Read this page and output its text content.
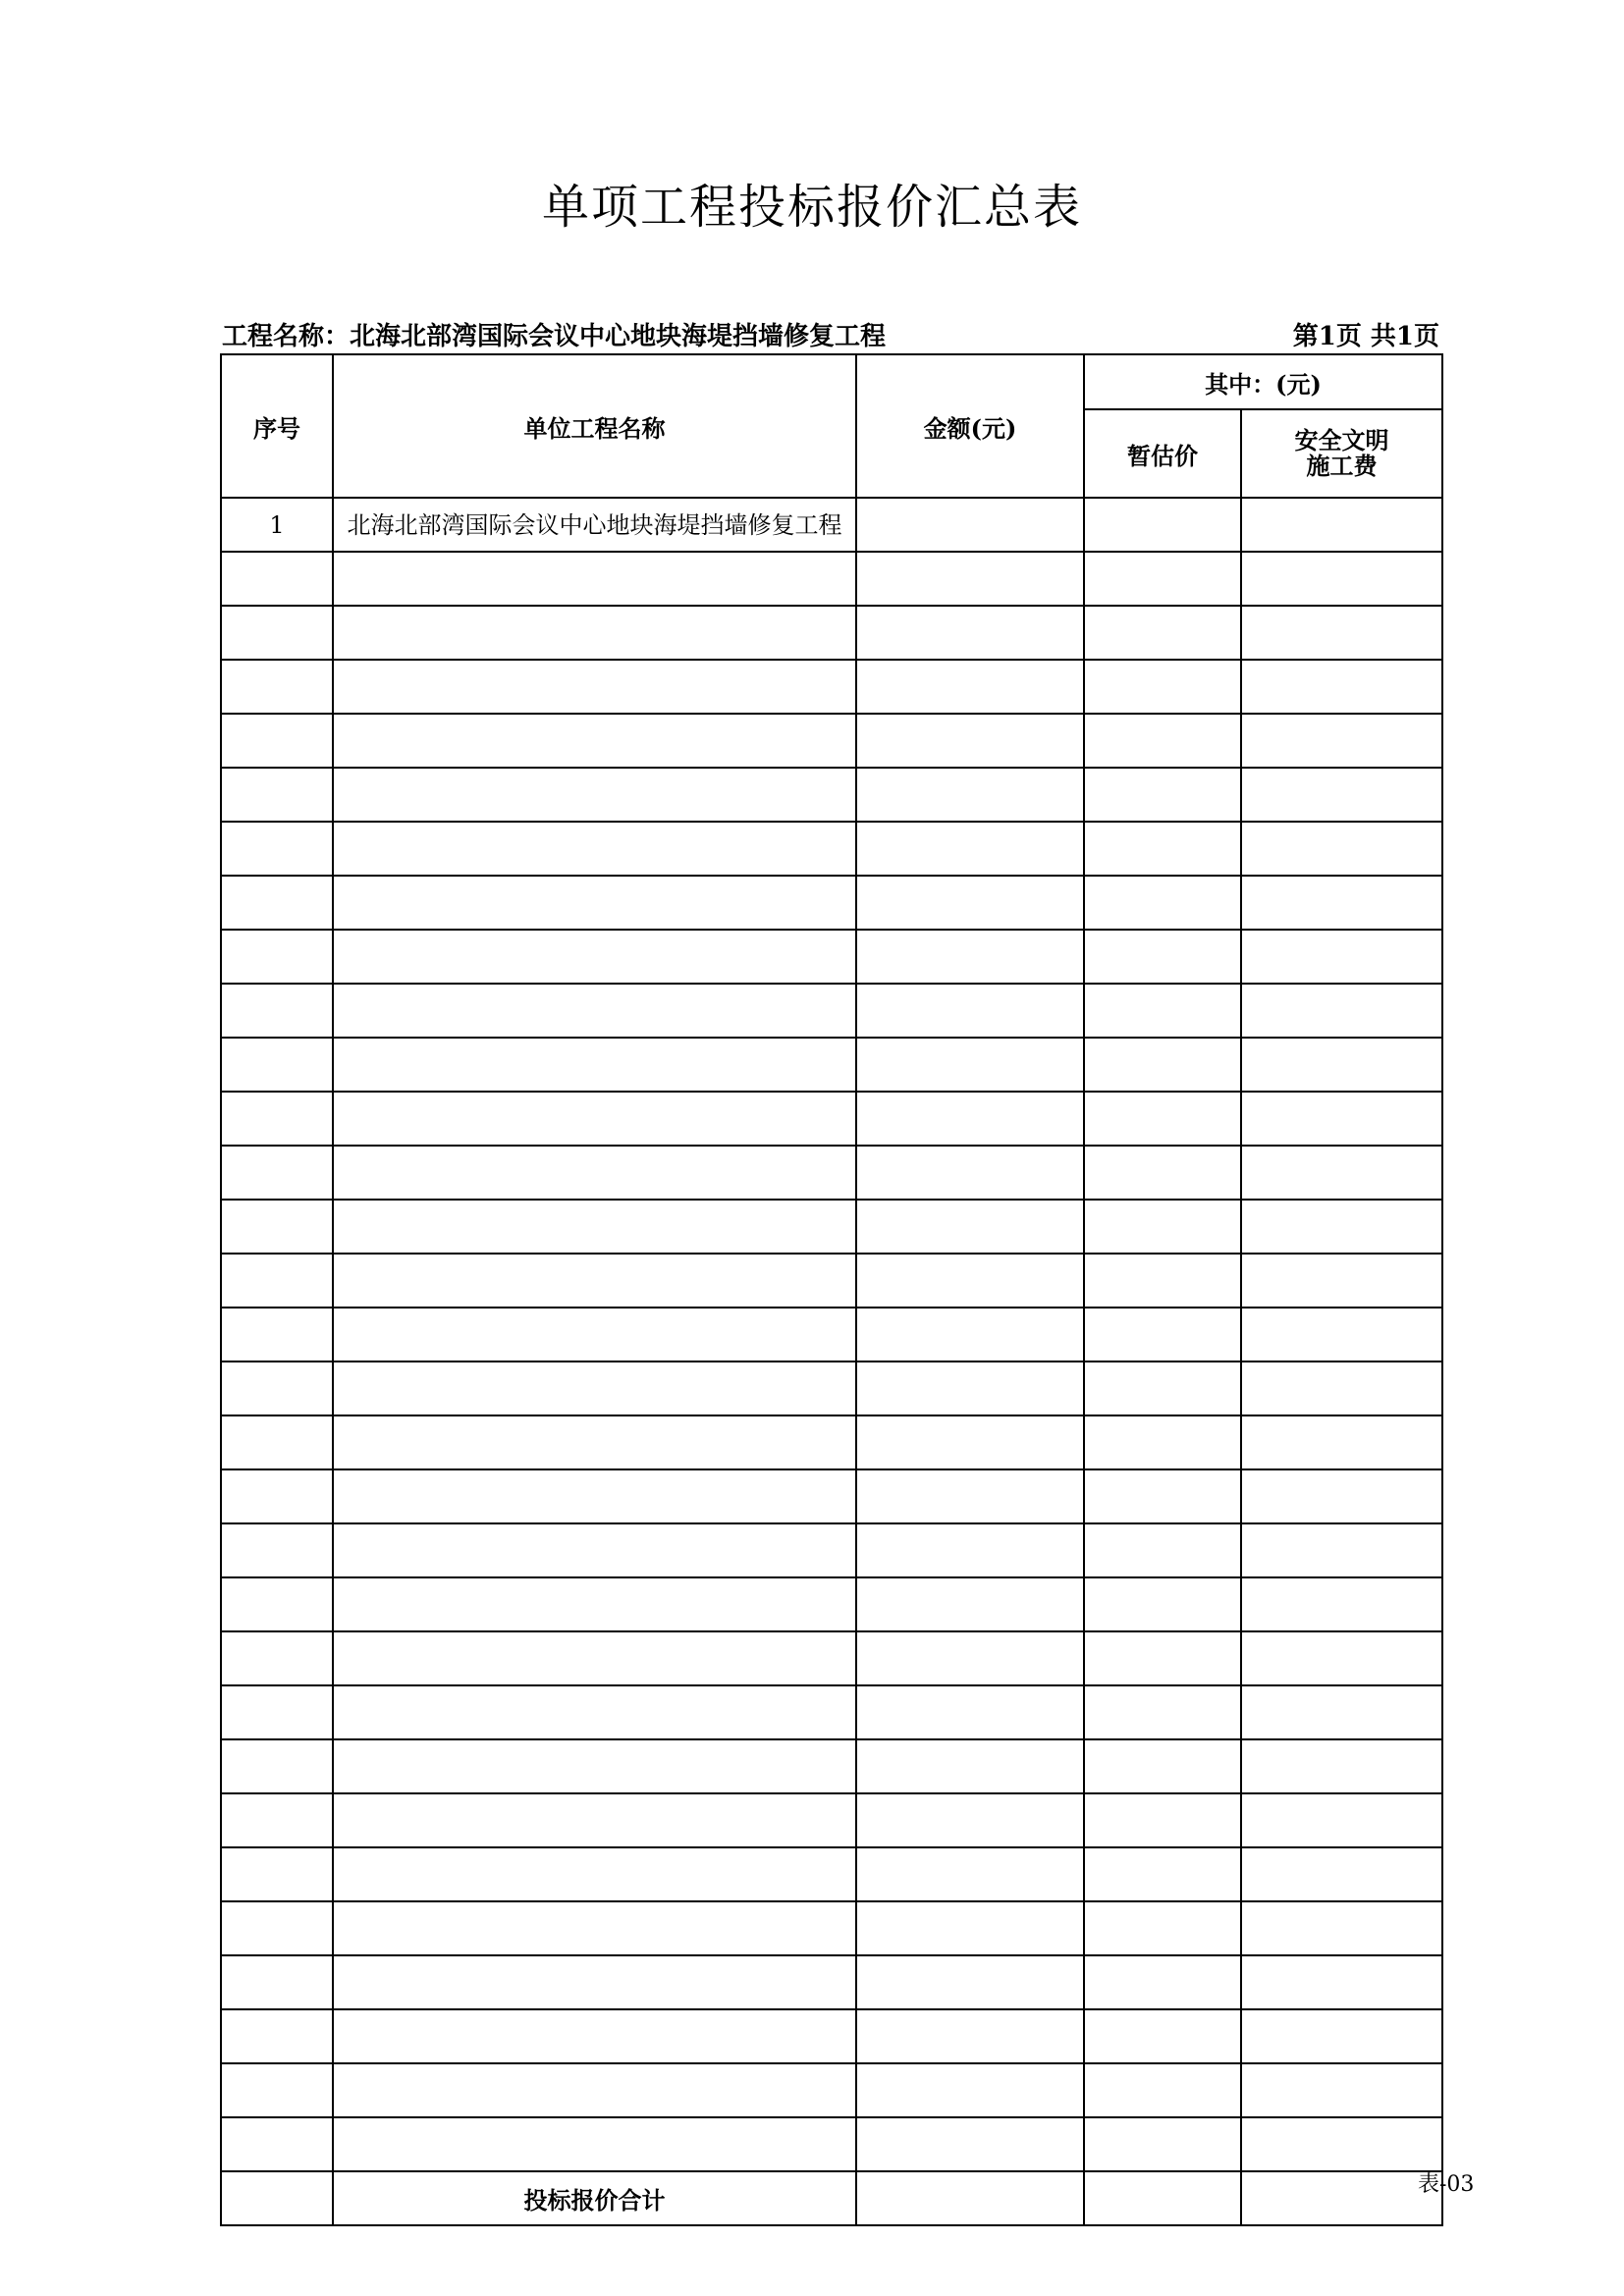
单项工程投标报价汇总表
工程名称：北海北部湾国际会议中心地块海堤挡墙修复工程	第1页 共1页
序号	单位工程名称	金额(元)	其中：(元)	
			暂估价	安全文明施工费

1	北海北部湾国际会议中心地块海堤挡墙修复工程			

	投标报价合计			
表-03
